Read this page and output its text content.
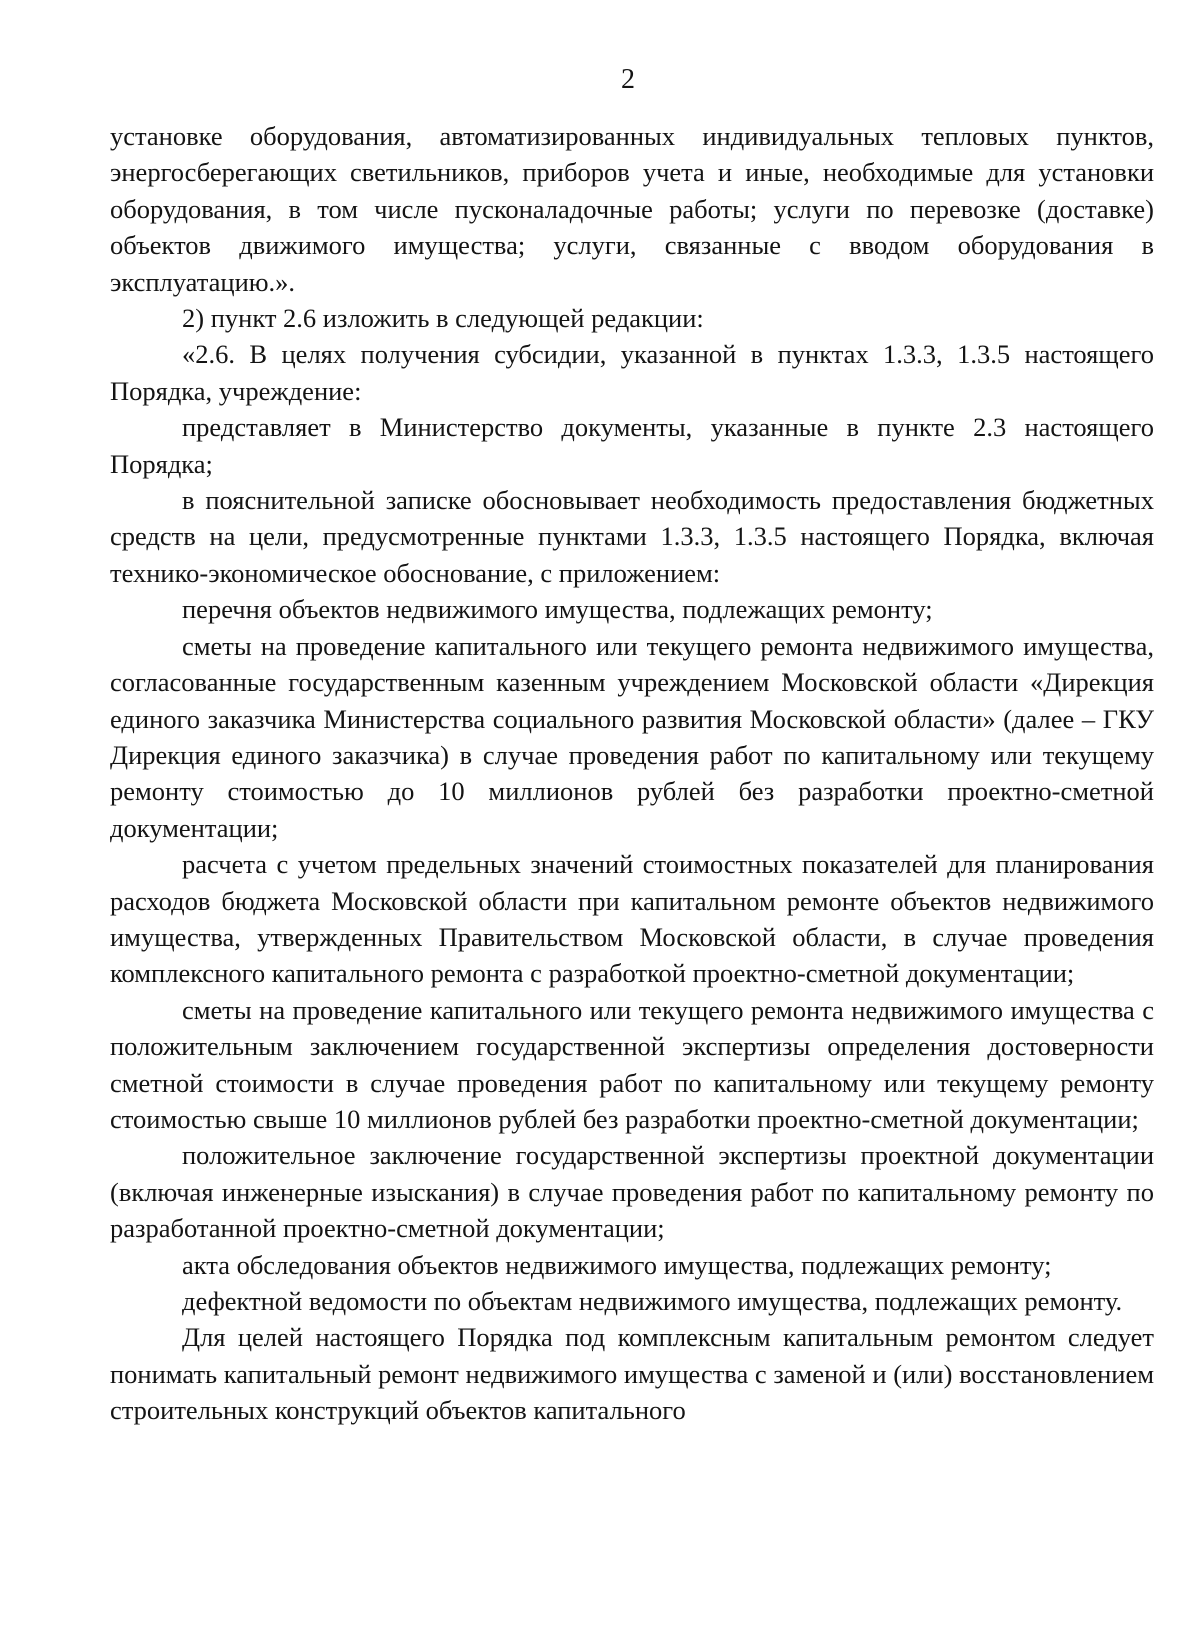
2

установке оборудования, автоматизированных индивидуальных тепловых пунктов, энергосберегающих светильников, приборов учета и иные, необходимые для установки оборудования, в том числе пусконаладочные работы; услуги по перевозке (доставке) объектов движимого имущества; услуги, связанные с вводом оборудования в эксплуатацию.».

2) пункт 2.6 изложить в следующей редакции:

«2.6. В целях получения субсидии, указанной в пунктах 1.3.3, 1.3.5 настоящего Порядка, учреждение:

представляет в Министерство документы, указанные в пункте 2.3 настоящего Порядка;

в пояснительной записке обосновывает необходимость предоставления бюджетных средств на цели, предусмотренные пунктами 1.3.3, 1.3.5 настоящего Порядка, включая технико-экономическое обоснование, с приложением:

перечня объектов недвижимого имущества, подлежащих ремонту;

сметы на проведение капитального или текущего ремонта недвижимого имущества, согласованные государственным казенным учреждением Московской области «Дирекция единого заказчика Министерства социального развития Московской области» (далее – ГКУ Дирекция единого заказчика) в случае проведения работ по капитальному или текущему ремонту стоимостью до 10 миллионов рублей без разработки проектно-сметной документации;

расчета с учетом предельных значений стоимостных показателей для планирования расходов бюджета Московской области при капитальном ремонте объектов недвижимого имущества, утвержденных Правительством Московской области, в случае проведения комплексного капитального ремонта с разработкой проектно-сметной документации;

сметы на проведение капитального или текущего ремонта недвижимого имущества с положительным заключением государственной экспертизы определения достоверности сметной стоимости в случае проведения работ по капитальному или текущему ремонту стоимостью свыше 10 миллионов рублей без разработки проектно-сметной документации;

положительное заключение государственной экспертизы проектной документации (включая инженерные изыскания) в случае проведения работ по капитальному ремонту по разработанной проектно-сметной документации;

акта обследования объектов недвижимого имущества, подлежащих ремонту;

дефектной ведомости по объектам недвижимого имущества, подлежащих ремонту.

Для целей настоящего Порядка под комплексным капитальным ремонтом следует понимать капитальный ремонт недвижимого имущества с заменой и (или) восстановлением строительных конструкций объектов капитального
